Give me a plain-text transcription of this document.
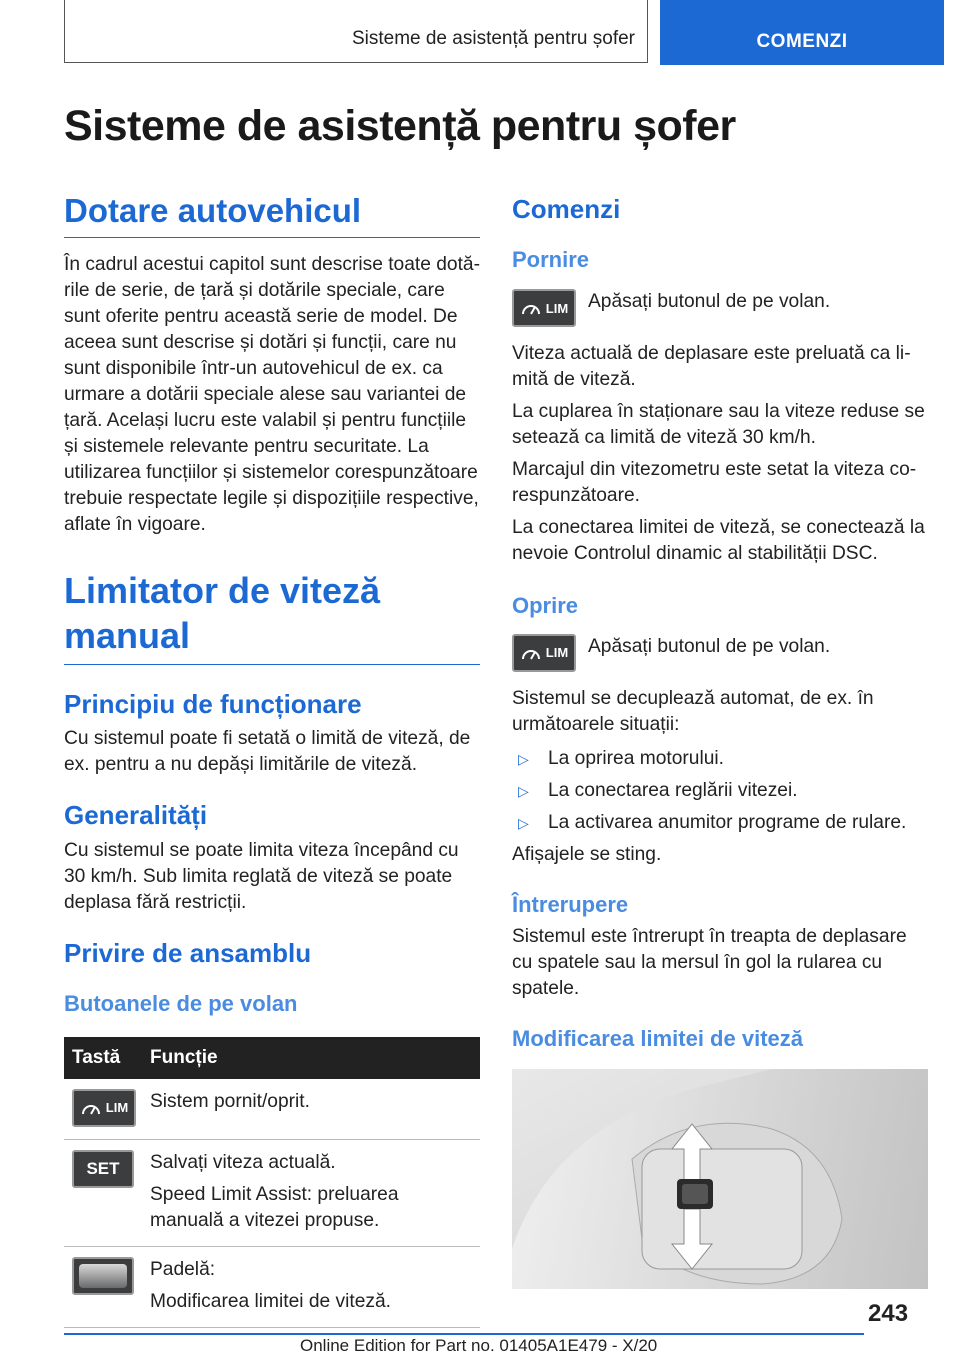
Sisteme de asistență pentru șofer	COMENZI
Sisteme de asistență pentru șofer
Dotare autovehicul

În cadrul acestui capitol sunt descrise toate dotările de serie, de țară și dotările speciale, care sunt oferite pentru această serie de model. De aceea sunt descrise și dotări și funcții, care nu sunt disponibile într-un autovehicul de ex. ca urmare a dotării speciale alese sau variantei de țară. Același lucru este valabil și pentru funcțiile și sistemele relevante pentru securitate. La utilizarea funcțiilor și sistemelor corespunzătoare trebuie respectate legile și dispozițiile respective, aflate în vigoare.

Limitator de viteză manual
Principiu de funcționare

Cu sistemul poate fi setată o limită de viteză, de ex. pentru a nu depăși limitările de viteză.

Generalități

Cu sistemul se poate limita viteza începând cu 30 km/h. Sub limita reglată de viteză se poate deplasa fără restricții.

Privire de ansamblu
Butoanele de pe volan
Tastă	Funcție

LIM	Sistem pornit/oprit.

SET	Salvați viteza actuală.
Speed Limit Assist: preluarea manuală a vitezei propuse.

	Padelă:
Modificarea limitei de viteză.
Comenzi
Pornire
LIM Apăsați butonul de pe volan.

Viteza actuală de deplasare este preluată ca limită de viteză.

La cuplarea în staționare sau la viteze reduse se setează ca limită de viteză 30 km/h.

Marcajul din vitezometru este setat la viteza corespunzătoare.

La conectarea limitei de viteză, se conectează la nevoie Controlul dinamic al stabilității DSC.

Oprire
LIM Apăsați butonul de pe volan.

Sistemul se decuplează automat, de ex. în următoarele situații:

▷ La oprirea motorului.
▷ La conectarea reglării vitezei.
▷ La activarea anumitor programe de rulare.

Afișajele se sting.

Întrerupere

Sistemul este întrerupt în treapta de deplasare cu spatele sau la mersul în gol la rularea cu spatele.

Modificarea limitei de viteză
243
Online Edition for Part no. 01405A1E479 - X/20
